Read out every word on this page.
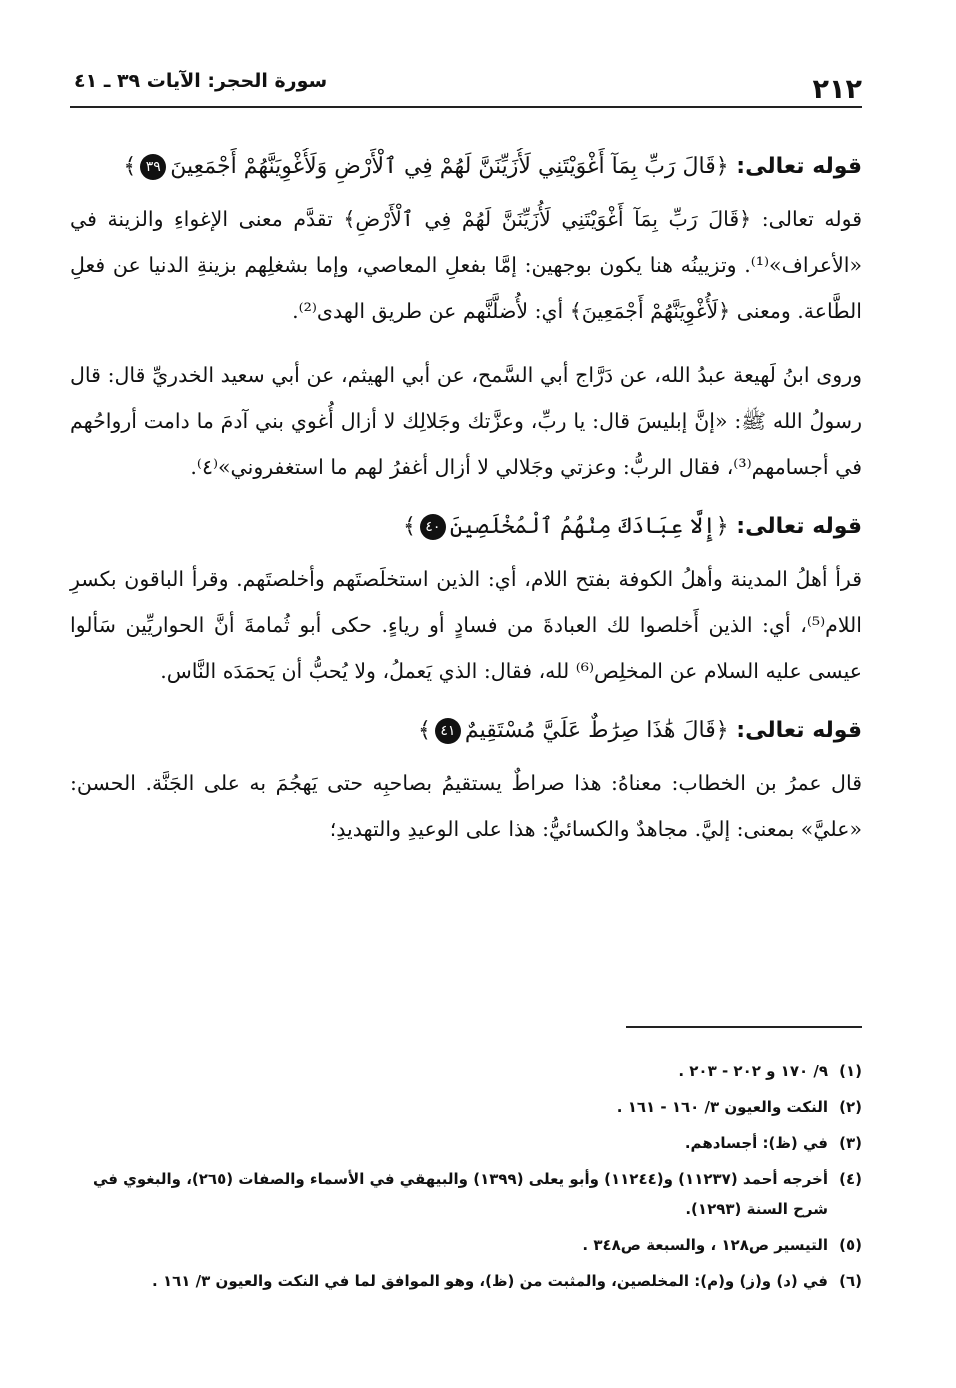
٢١٢
سورة الحجر: الآيات ٣٩ ـ ٤١
قوله تعالى: ﴿قَالَ رَبِّ بِمَآ أَغْوَيْتَنِي لَأُزَيِّنَنَّ لَهُمْ فِي ٱلْأَرْضِ وَلَأُغْوِيَنَّهُمْ أَجْمَعِينَ٣٩﴾

قوله تعالى: ﴿قَالَ رَبِّ بِمَآ أَغْوَيْتَنِي لَأُزَيِّنَنَّ لَهُمْ فِي ٱلْأَرْضِ﴾ تقدَّم معنى الإغواءِ والزينة في «الأعراف»⁽¹⁾. وتزيينُه هنا يكون بوجهين: إمَّا بفعلِ المعاصي، وإما بشغلِهم بزينةِ الدنيا عن فعلِ الطَّاعة. ومعنى ﴿لَأُغْوِيَنَّهُمْ أَجْمَعِينَ﴾ أي: لأُضلَّنَّهم عن طريق الهدى⁽²⁾.

وروى ابنُ لَهيعة عبدُ الله، عن دَرَّاج أبي السَّمح، عن أبي الهيثم، عن أبي سعيد الخدريِّ قال: قال رسولُ الله ﷺ: «إنَّ إبليسَ قال: يا ربِّ، وعزَّتك وجَلالِك لا أزال أُغوي بني آدمَ ما دامت أرواحُهم في أجسامهم⁽³⁾، فقال الربُّ: وعزتي وجَلالي لا أزال أغفرُ لهم ما استغفروني»⁽٤⁾.

قوله تعالى: ﴿إِلَّا عِبَادَكَ مِنْهُمُ ٱلْمُخْلَصِينَ٤٠﴾

قرأ أهلُ المدينة وأهلُ الكوفة بفتح اللام، أي: الذين استخلَصتَهم وأخلصتَهم. وقرأ الباقون بكسرِ اللام⁽⁵⁾، أي: الذين أَخلصوا لك العبادةَ من فسادٍ أو رياءٍ. حكى أبو ثُمامةَ أنَّ الحواريِّين سَألوا عيسى عليه السلام عن المخلِص⁽⁶⁾ لله، فقال: الذي يَعملُ، ولا يُحبُّ أن يَحمَدَه النَّاس.

قوله تعالى: ﴿قَالَ هَٰذَا صِرَٰطٌ عَلَيَّ مُسْتَقِيمٌ٤١﴾

قال عمرُ بن الخطاب: معناهُ: هذا صراطٌ يستقيمُ بصاحبِه حتى يَهجُمَ به على الجَنَّة. الحسن: «عليَّ» بمعنى: إليَّ. مجاهدٌ والكسائيُّ: هذا على الوعيدِ والتهديدِ؛

(١)
٩/ ١٧٠ و ٢٠٢ - ٢٠٣ .
(٢)
النكت والعيون ٣/ ١٦٠ - ١٦١ .
(٣)
في (ظ): أجسادهم.
(٤)
أخرجه أحمد (١١٢٣٧) و(١١٢٤٤) وأبو يعلى (١٣٩٩) والبيهقي في الأسماء والصفات (٢٦٥)، والبغوي في شرح السنة (١٢٩٣).
(٥)
التيسير ص١٢٨ ، والسبعة ص٣٤٨ .
(٦)
في (د) و(ز) و(م): المخلصين، والمثبت من (ظ)، وهو الموافق لما في النكت والعيون ٣/ ١٦١ .
